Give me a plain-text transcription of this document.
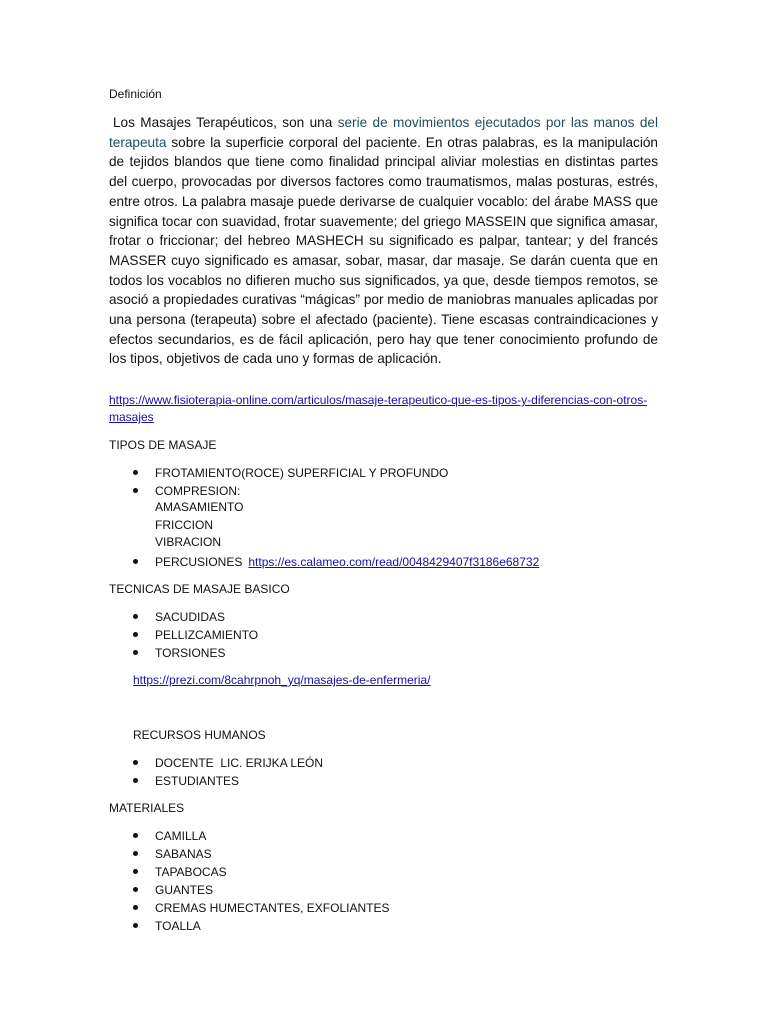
Definición

Los Masajes Terapéuticos, son una serie de movimientos ejecutados por las manos del terapeuta sobre la superficie corporal del paciente. En otras palabras, es la manipulación de tejidos blandos que tiene como finalidad principal aliviar molestias en distintas partes del cuerpo, provocadas por diversos factores como traumatismos, malas posturas, estrés, entre otros. La palabra masaje puede derivarse de cualquier vocablo: del árabe MASS que significa tocar con suavidad, frotar suavemente; del griego MASSEIN que significa amasar, frotar o friccionar; del hebreo MASHECH su significado es palpar, tantear; y del francés MASSER cuyo significado es amasar, sobar, masar, dar masaje. Se darán cuenta que en todos los vocablos no difieren mucho sus significados, ya que, desde tiempos remotos, se asoció a propiedades curativas “mágicas” por medio de maniobras manuales aplicadas por una persona (terapeuta) sobre el afectado (paciente). Tiene escasas contraindicaciones y efectos secundarios, es de fácil aplicación, pero hay que tener conocimiento profundo de los tipos, objetivos de cada uno y formas de aplicación.

https://www.fisioterapia-online.com/articulos/masaje-terapeutico-que-es-tipos-y-diferencias-con-otros-masajes
TIPOS DE MASAJE
FROTAMIENTO(ROCE) SUPERFICIAL Y PROFUNDO
COMPRESION:
AMASAMIENTO
FRICCION
VIBRACION
PERCUSIONES https://es.calameo.com/read/0048429407f3186e68732
TECNICAS DE MASAJE BASICO
SACUDIDAS
PELLIZCAMIENTO
TORSIONES
https://prezi.com/8cahrpnoh_yq/masajes-de-enfermeria/
RECURSOS HUMANOS
DOCENTE  LIC. ERIJKA LEÓN
ESTUDIANTES
MATERIALES
CAMILLA
SABANAS
TAPABOCAS
GUANTES
CREMAS HUMECTANTES, EXFOLIANTES
TOALLA
